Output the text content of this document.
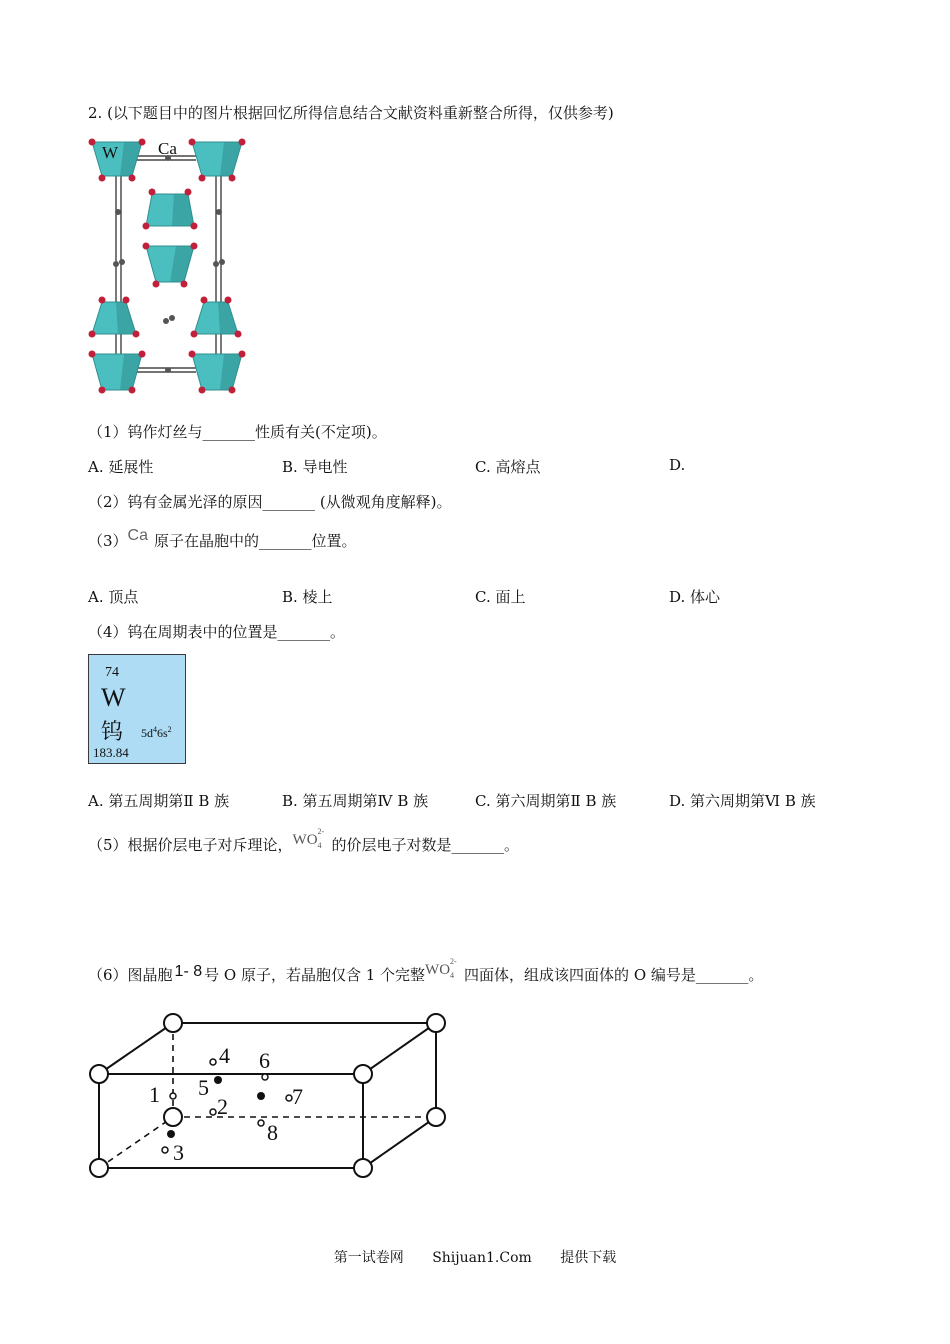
2. (以下题目中的图片根据回忆所得信息结合文献资料重新整合所得，仅供参考)
W Ca
（1）钨作灯丝与_______性质有关(不定项)。
A. 延展性	B. 导电性	C. 高熔点	D.
（2）钨有金属光泽的原因_______ (从微观角度解释)。
（3）Ca 原子在晶胞中的_______位置。
A. 顶点	B. 棱上	C. 面上	D. 体心
（4）钨在周期表中的位置是_______。
74
W
钨 $5d^46s^2$
183.84
A. 第五周期第Ⅱ B 族	B. 第五周期第Ⅳ B 族	C. 第六周期第Ⅱ B 族	D. 第六周期第Ⅵ B 族
（5）根据价层电子对斥理论，WO
2-
4 的价层电子对数是_______。
（6）图晶胞 1- 8 号 O 原子，若晶胞仅含 1 个完整WO
2-
4 四面体，组成该四面体的 O 编号是_______。
1	2
3
4
5
6
7
8
第一试卷网 Shijuan1.Com 提供下载
